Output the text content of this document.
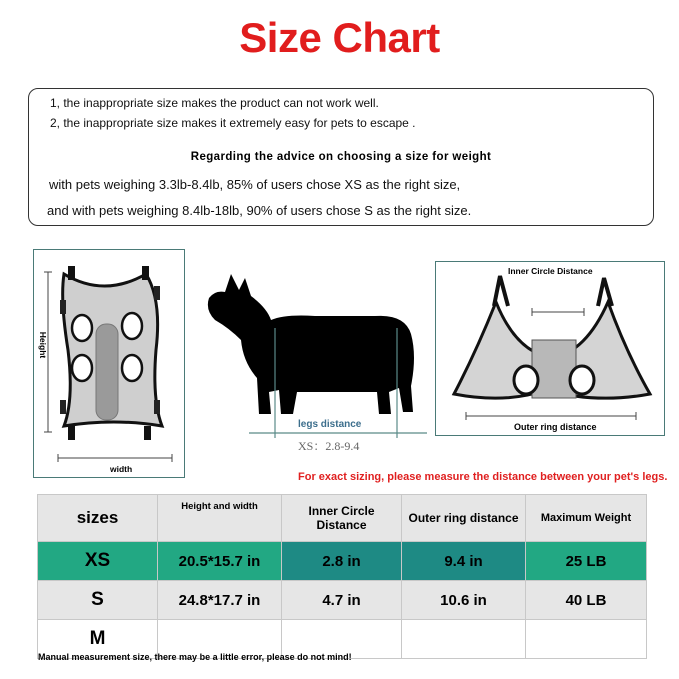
Size Chart
1, the inappropriate size makes the product can not work well.
2, the inappropriate size makes it extremely easy for pets to escape .
Regarding the advice on choosing a size for weight
with pets weighing 3.3lb-8.4lb, 85% of users chose XS as the right size,
and with pets weighing 8.4lb-18lb, 90% of users chose S as the right size.
Height
width
legs distance
XS：2.8-9.4
Inner Circle Distance
Outer ring distance
For exact sizing, please measure the distance between your pet's legs.
sizes	Height and width	Inner Circle Distance	Outer ring distance	Maximum Weight
XS	20.5*15.7 in	2.8 in	9.4 in	25 LB
S	24.8*17.7 in	4.7 in	10.6 in	40 LB
M				
Manual measurement size, there may be a little error, please do not mind!
